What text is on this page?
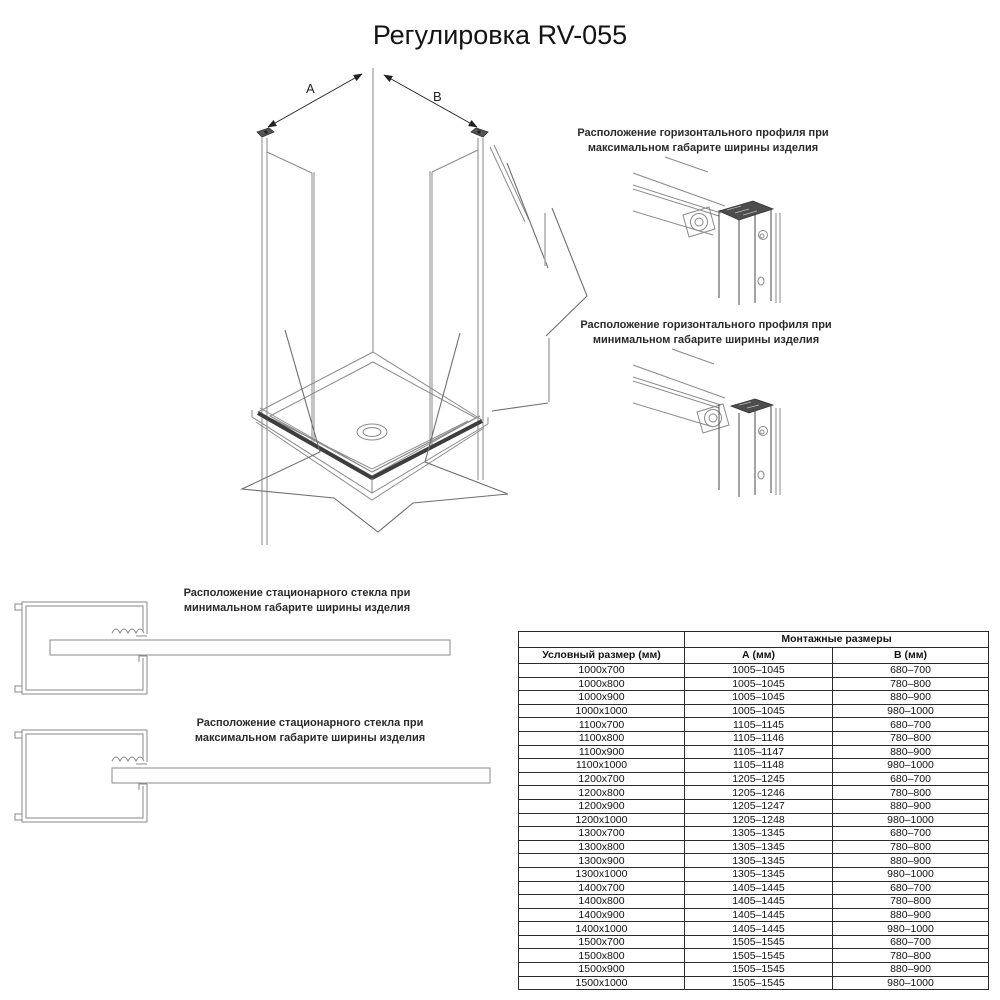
Регулировка RV-055
A
B
Расположение горизонтального профиля при максимальном габарите ширины изделия
Расположение горизонтального профиля при минимальном габарите ширины изделия
Расположение стационарного стекла при минимальном габарите ширины изделия
Расположение стационарного стекла при максимальном габарите ширины изделия
	Монтажные размеры	
Условный размер (мм)	А (мм)	В (мм)
1000x700	1005–1045	680–700
1000x800	1005–1045	780–800
1000x900	1005–1045	880–900
1000x1000	1005–1045	980–1000
1100x700	1105–1145	680–700
1100x800	1105–1146	780–800
1100x900	1105–1147	880–900
1100x1000	1105–1148	980–1000
1200x700	1205–1245	680–700
1200x800	1205–1246	780–800
1200x900	1205–1247	880–900
1200x1000	1205–1248	980–1000
1300x700	1305–1345	680–700
1300x800	1305–1345	780–800
1300x900	1305–1345	880–900
1300x1000	1305–1345	980–1000
1400x700	1405–1445	680–700
1400x800	1405–1445	780–800
1400x900	1405–1445	880–900
1400x1000	1405–1445	980–1000
1500x700	1505–1545	680–700
1500x800	1505–1545	780–800
1500x900	1505–1545	880–900
1500x1000	1505–1545	980–1000
